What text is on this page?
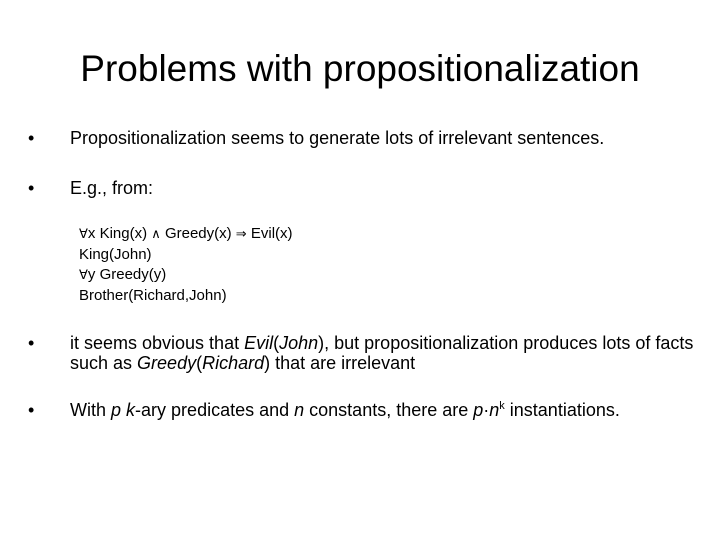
Problems with propositionalization
•	Propositionalization seems to generate lots of irrelevant sentences.
•	E.g., from:
∀x King(x) ∧ Greedy(x) ⇒ Evil(x)
King(John)
∀y Greedy(y)
Brother(Richard,John)
•	it seems obvious that Evil(John), but propositionalization produces lots of facts such as Greedy(Richard) that are irrelevant
•	With p k-ary predicates and n constants, there are $p\cdot n^k$ instantiations.
